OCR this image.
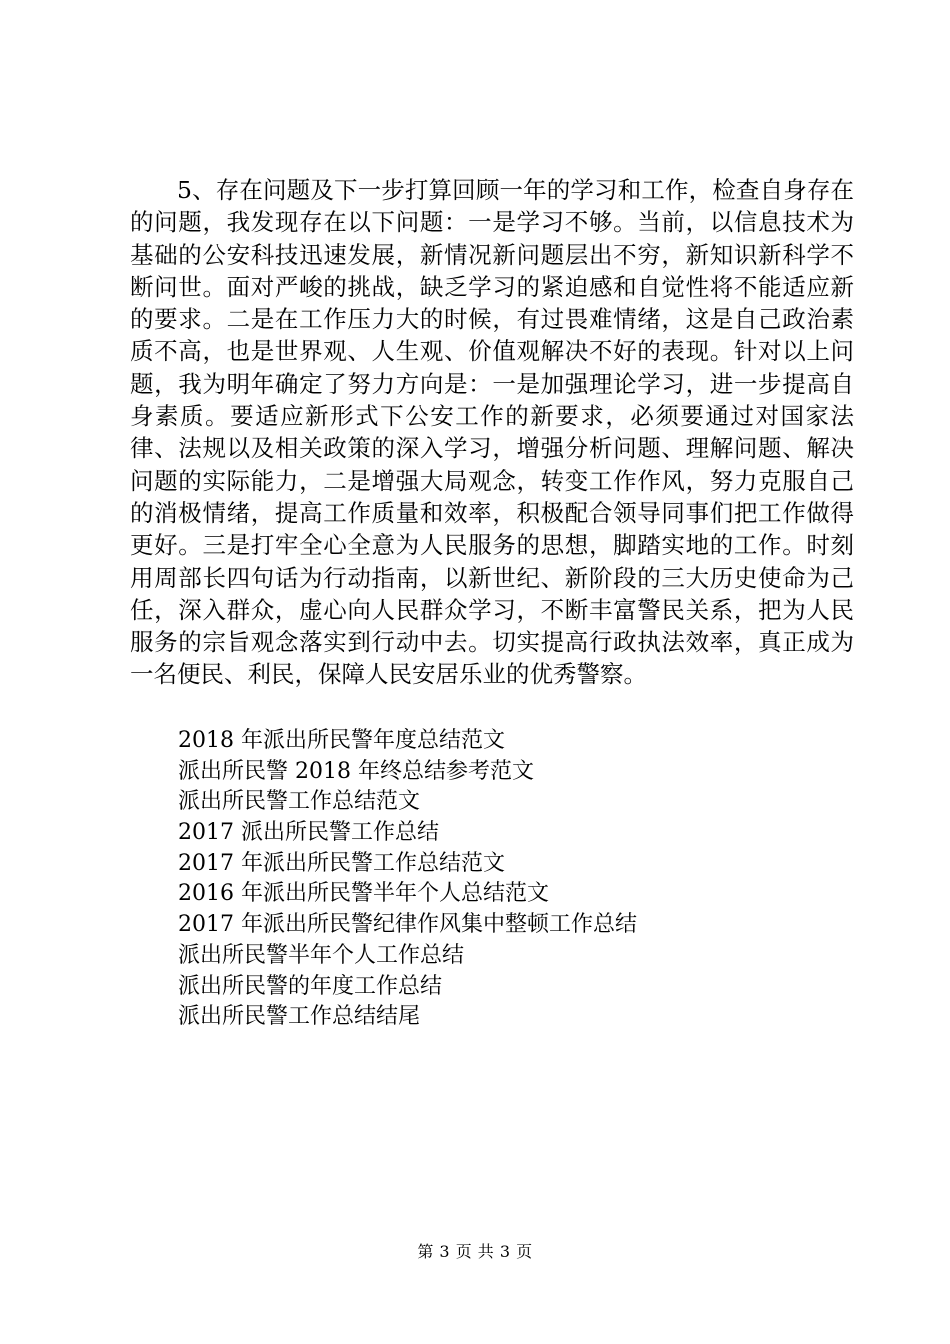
5、存在问题及下一步打算回顾一年的学习和工作，检查自身存在的问题，我发现存在以下问题：一是学习不够。当前，以信息技术为基础的公安科技迅速发展，新情况新问题层出不穷，新知识新科学不断问世。面对严峻的挑战，缺乏学习的紧迫感和自觉性将不能适应新的要求。二是在工作压力大的时候，有过畏难情绪，这是自己政治素质不高，也是世界观、人生观、价值观解决不好的表现。针对以上问题，我为明年确定了努力方向是：一是加强理论学习，进一步提高自身素质。要适应新形式下公安工作的新要求，必须要通过对国家法律、法规以及相关政策的深入学习，增强分析问题、理解问题、解决问题的实际能力，二是增强大局观念，转变工作作风，努力克服自己的消极情绪，提高工作质量和效率，积极配合领导同事们把工作做得更好。三是打牢全心全意为人民服务的思想，脚踏实地的工作。时刻用周部长四句话为行动指南，以新世纪、新阶段的三大历史使命为己任，深入群众，虚心向人民群众学习，不断丰富警民关系，把为人民服务的宗旨观念落实到行动中去。切实提高行政执法效率，真正成为一名便民、利民，保障人民安居乐业的优秀警察。

2018 年派出所民警年度总结范文
派出所民警 2018 年终总结参考范文
派出所民警工作总结范文
2017 派出所民警工作总结
2017 年派出所民警工作总结范文
2016 年派出所民警半年个人总结范文
2017 年派出所民警纪律作风集中整顿工作总结
派出所民警半年个人工作总结
派出所民警的年度工作总结
派出所民警工作总结结尾
第 3 页 共 3 页
